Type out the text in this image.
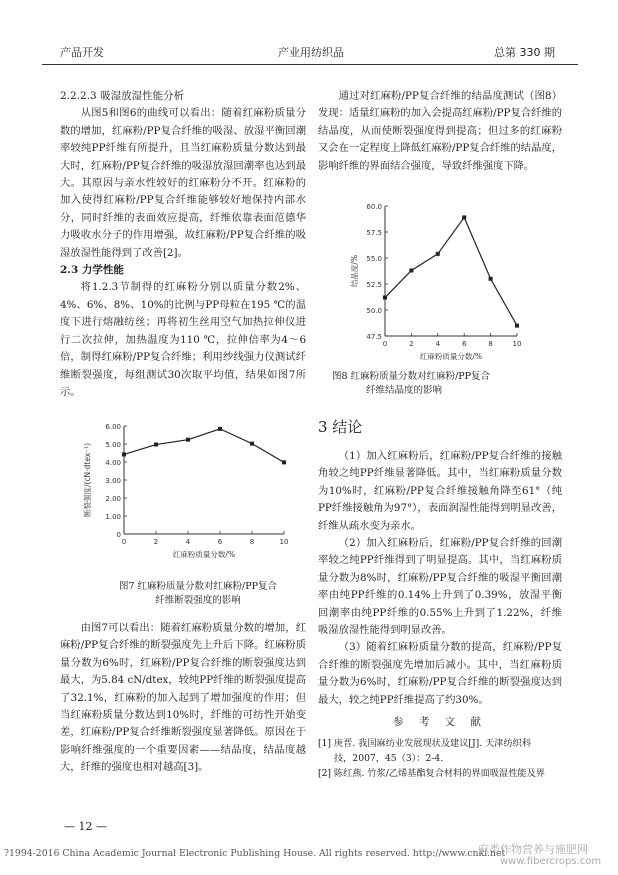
产品开发	产业用纺织品	总第 330 期

2.2.2.3 吸湿放湿性能分析

从图5和图6的曲线可以看出：随着红麻粉质量分数的增加，红麻粉/PP复合纤维的吸湿、放湿平衡回潮率较纯PP纤维有所提升，且当红麻粉质量分数达到最大时，红麻粉/PP复合纤维的吸湿放湿回潮率也达到最大。其原因与亲水性较好的红麻粉分不开。红麻粉的加入使得红麻粉/PP复合纤维能够较好地保持内部水分，同时纤维的表面效应提高，纤维依靠表面范德华力吸收水分子的作用增强，故红麻粉/PP复合纤维的吸湿放湿性能得到了改善[2]。

2.3 力学性能

将1.2.3节制得的红麻粉分别以质量分数2%、4%、6%、8%、10%的比例与PP母粒在195 ℃的温度下进行熔融纺丝；再将初生丝用空气加热拉伸仪进行二次拉伸，加热温度为110 ℃，拉伸倍率为4～6倍，制得红麻粉/PP复合纤维；利用纱线强力仪测试纤维断裂强度，每组测试30次取平均值，结果如图7所示。

0
1.00
2.00
3.00
4.00
5.00
6.00
0	2	4	6	8	10
红麻粉质量分数/%
断裂强度/(cN·dtex⁻¹)
图7 红麻粉质量分数对红麻粉/PP复合
纤维断裂强度的影响

由图7可以看出：随着红麻粉质量分数的增加，红麻粉/PP复合纤维的断裂强度先上升后下降。红麻粉质量分数为6%时，红麻粉/PP复合纤维的断裂强度达到最大，为5.84 cN/dtex，较纯PP纤维的断裂强度提高了32.1%，红麻粉的加入起到了增加强度的作用；但当红麻粉质量分数达到10%时，纤维的可纺性开始变差，红麻粉/PP复合纤维断裂强度显著降低。原因在于影响纤维强度的一个重要因素——结晶度，结晶度越大，纤维的强度也相对越高[3]。

通过对红麻粉/PP复合纤维的结晶度测试（图8）发现：适量红麻粉的加入会提高红麻粉/PP复合纤维的结晶度，从而使断裂强度得到提高；但过多的红麻粉又会在一定程度上降低红麻粉/PP复合纤维的结晶度，影响纤维的界面结合强度，导致纤维强度下降。

47.5
50.0
52.5
55.0
57.5
60.0
0	2	4	6	8	10
红麻粉质量分数/%
结晶度/%
图8 红麻粉质量分数对红麻粉/PP复合
纤维结晶度的影响
3 结论

（1）加入红麻粉后，红麻粉/PP复合纤维的接触角较之纯PP纤维显著降低。其中，当红麻粉质量分数为10%时，红麻粉/PP复合纤维接触角降至61°（纯PP纤维接触角为97°），表面润湿性能得到明显改善，纤维从疏水变为亲水。

（2）加入红麻粉后，红麻粉/PP复合纤维的回潮率较之纯PP纤维得到了明显提高。其中，当红麻粉质量分数为8%时，红麻粉/PP复合纤维的吸湿平衡回潮率由纯PP纤维的0.14%上升到了0.39%，放湿平衡回潮率由纯PP纤维的0.55%上升到了1.22%，纤维吸湿放湿性能得到明显改善。

（3）随着红麻粉质量分数的提高，红麻粉/PP复合纤维的断裂强度先增加后减小。其中，当红麻粉质量分数为6%时，红麻粉/PP复合纤维的断裂强度达到最大，较之纯PP纤维提高了约30%。

参 考 文 献
[1] 庚晋. 我国麻纺业发展现状及建议[J]. 天津纺织科
技，2007，45（3）：2-4.
[2] 陈红燕. 竹浆/乙烯基酯复合材料的界面吸湿性能及界
— 12 —
?1994-2016 China Academic Journal Electronic Publishing House. All rights reserved. http://www.cnki.net
麻类作物营养与施肥网
www.fibercrops.com
